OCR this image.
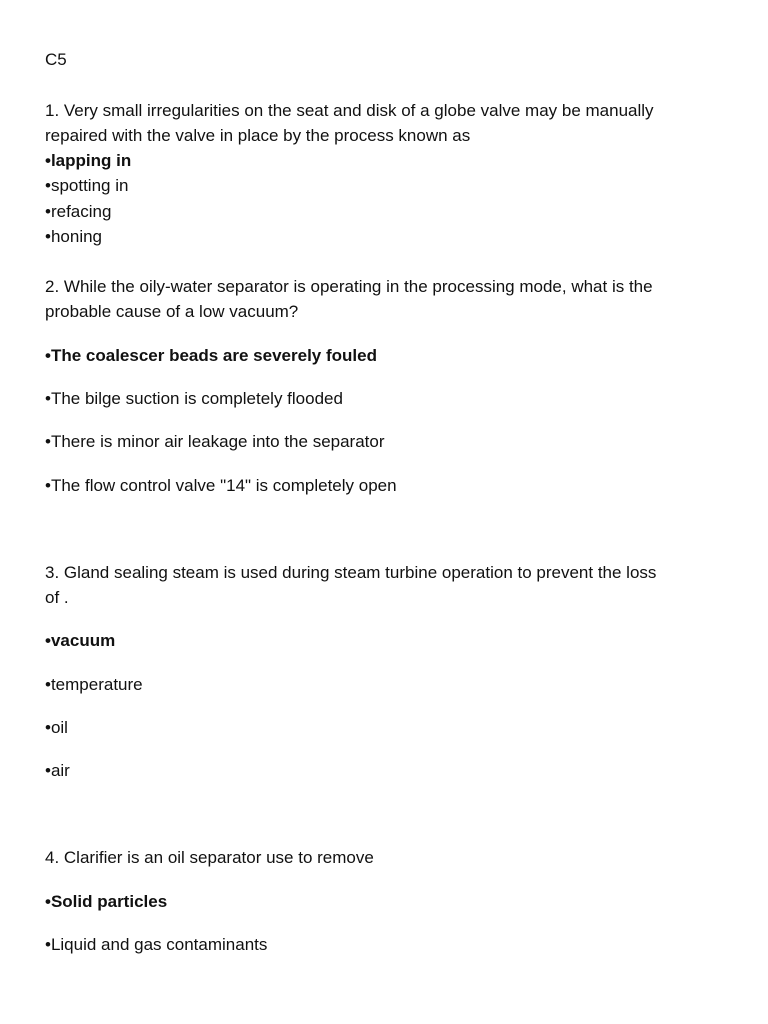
C5
1. Very small irregularities on the seat and disk of a globe valve may be manually
repaired with the valve in place by the process known as
•lapping in
•spotting in
•refacing
•honing
2. While the oily-water separator is operating in the processing mode, what is the
probable cause of a low vacuum?
•The coalescer beads are severely fouled
•The bilge suction is completely flooded
•There is minor air leakage into the separator
•The flow control valve "14" is completely open
3. Gland sealing steam is used during steam turbine operation to prevent the loss
of .
•vacuum
•temperature
•oil
•air
4. Clarifier is an oil separator use to remove
•Solid particles
•Liquid and gas contaminants
